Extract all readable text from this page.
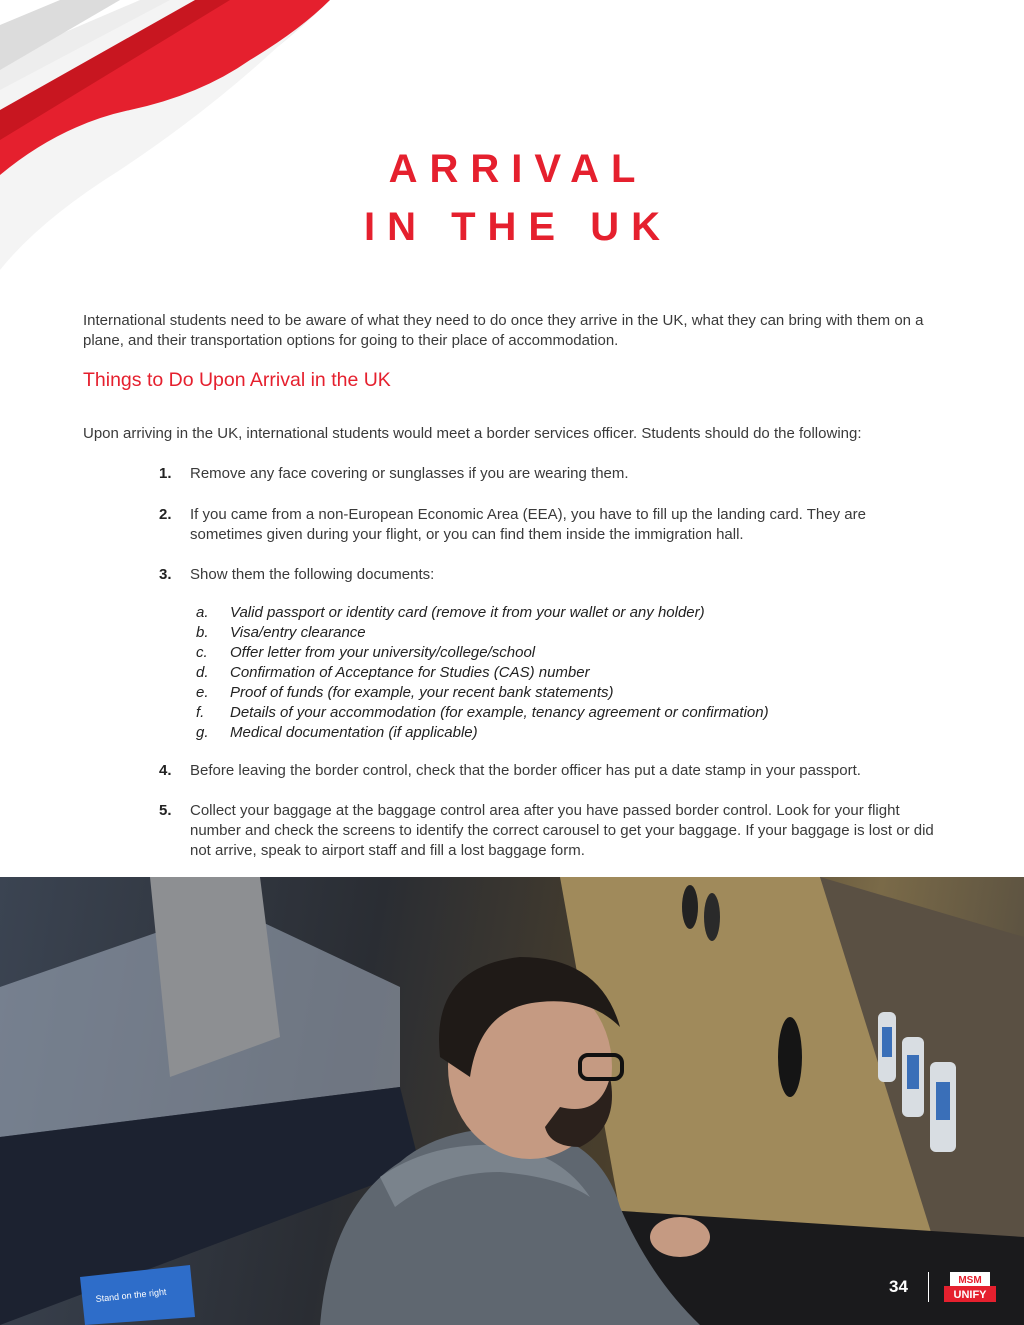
ARRIVAL
IN THE UK

International students need to be aware of what they need to do once they arrive in the UK, what they can bring with them on a plane, and their transportation options for going to their place of accommodation.

Things to Do Upon Arrival in the UK

Upon arriving in the UK, international students would meet a border services officer. Students should do the following:

1. Remove any face covering or sunglasses if you are wearing them.
2. If you came from a non-European Economic Area (EEA), you have to fill up the landing card. They are sometimes given during your flight, or you can find them inside the immigration hall.
3. Show them the following documents:
a. Valid passport or identity card (remove it from your wallet or any holder)
b. Visa/entry clearance
c. Offer letter from your university/college/school
d. Confirmation of Acceptance for Studies (CAS) number
e. Proof of funds (for example, your recent bank statements)
f. Details of your accommodation (for example, tenancy agreement or confirmation)
g. Medical documentation (if applicable)
4. Before leaving the border control, check that the border officer has put a date stamp in your passport.
5. Collect your baggage at the baggage control area after you have passed border control. Look for your flight number and check the screens to identify the correct carousel to get your baggage. If your baggage is lost or did not arrive, speak to airport staff and fill a lost baggage form.
Stand on the right	34	MSM
UNIFY
